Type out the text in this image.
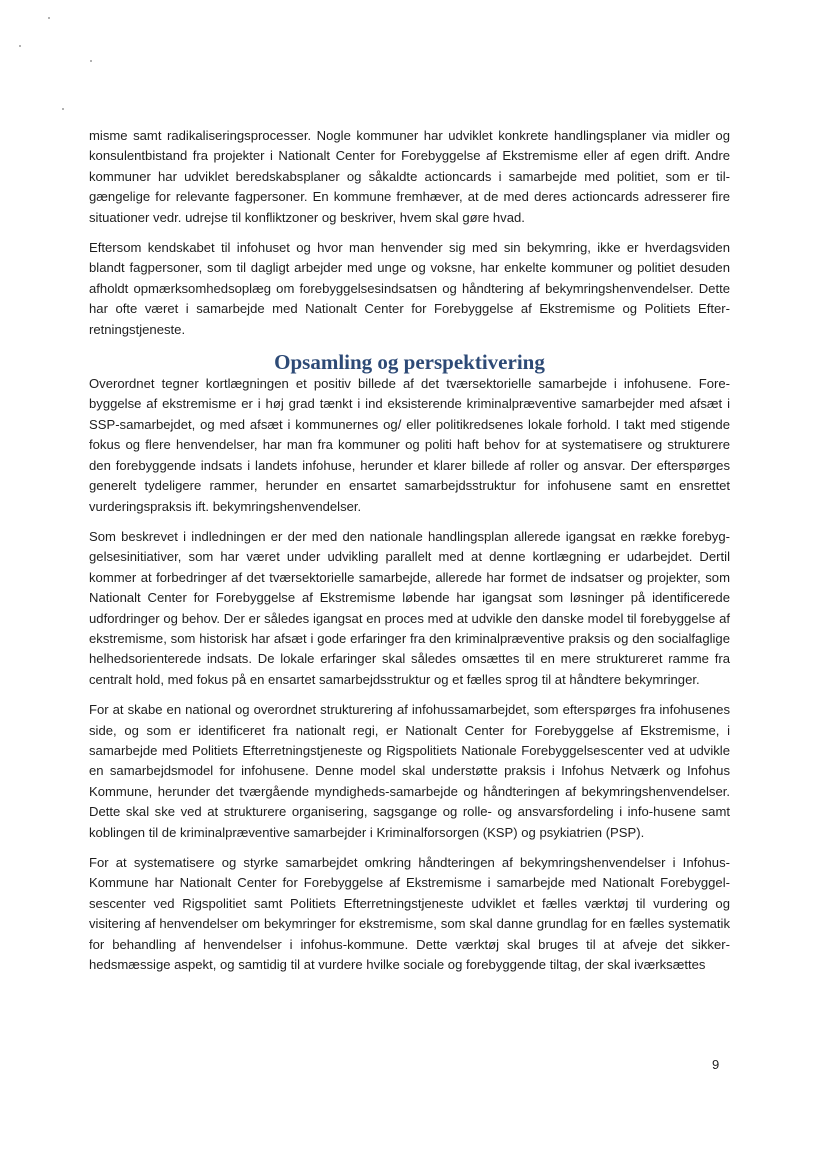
misme samt radikaliseringsprocesser. Nogle kommuner har udviklet konkrete handlingsplaner via midler og konsulentbistand fra projekter i Nationalt Center for Forebyggelse af Ekstremisme eller af egen drift. Andre kommuner har udviklet beredskabsplaner og såkaldte actioncards i samarbejde med politiet, som er tilgængelige for relevante fagpersoner. En kommune fremhæver, at de med deres actioncards adresserer fire situationer vedr. udrejse til konfliktzoner og beskriver, hvem skal gøre hvad.

Eftersom kendskabet til infohuset og hvor man henvender sig med sin bekymring, ikke er hverdagsviden blandt fagpersoner, som til dagligt arbejder med unge og voksne, har enkelte kommuner og politiet desuden afholdt opmærksomhedsoplæg om forebyggelsesindsatsen og håndtering af bekymringshenvendelser. Dette har ofte været i samarbejde med Nationalt Center for Forebyggelse af Ekstremisme og Politiets Efterretningstjeneste.

Opsamling og perspektivering

Overordnet tegner kortlægningen et positiv billede af det tværsektorielle samarbejde i infohusene. Forebyggelse af ekstremisme er i høj grad tænkt i ind eksisterende kriminalpræventive samarbejder med afsæt i SSP-samarbejdet, og med afsæt i kommunernes og/ eller politikredsenes lokale forhold. I takt med stigende fokus og flere henvendelser, har man fra kommuner og politi haft behov for at systematisere og strukturere den forebyggende indsats i landets infohuse, herunder et klarer billede af roller og ansvar. Der efterspørges generelt tydeligere rammer, herunder en ensartet samarbejdsstruktur for infohusene samt en ensrettet vurderingspraksis ift. bekymringshenvendelser.

Som beskrevet i indledningen er der med den nationale handlingsplan allerede igangsat en række forebyggelsesinitiativer, som har været under udvikling parallelt med at denne kortlægning er udarbejdet. Dertil kommer at forbedringer af det tværsektorielle samarbejde, allerede har formet de indsatser og projekter, som Nationalt Center for Forebyggelse af Ekstremisme løbende har igangsat som løsninger på identificerede udfordringer og behov. Der er således igangsat en proces med at udvikle den danske model til forebyggelse af ekstremisme, som historisk har afsæt i gode erfaringer fra den kriminalpræventive praksis og den socialfaglige helhedsorienterede indsats. De lokale erfaringer skal således omsættes til en mere struktureret ramme fra centralt hold, med fokus på en ensartet samarbejdsstruktur og et fælles sprog til at håndtere bekymringer.

For at skabe en national og overordnet strukturering af infohussamarbejdet, som efterspørges fra infohusenes side, og som er identificeret fra nationalt regi, er Nationalt Center for Forebyggelse af Ekstremisme, i samarbejde med Politiets Efterretningstjeneste og Rigspolitiets Nationale Forebyggelsescenter ved at udvikle en samarbejdsmodel for infohusene. Denne model skal understøtte praksis i Infohus Netværk og Infohus Kommune, herunder det tværgående myndigheds-samarbejde og håndteringen af bekymringshenvendelser. Dette skal ske ved at strukturere organisering, sagsgange og rolle- og ansvarsfordeling i info-husene samt koblingen til de kriminalpræventive samarbejder i Kriminalforsorgen (KSP) og psykiatrien (PSP).

For at systematisere og styrke samarbejdet omkring håndteringen af bekymringshenvendelser i Infohus-Kommune har Nationalt Center for Forebyggelse af Ekstremisme i samarbejde med Nationalt Forebyggelsescenter ved Rigspolitiet samt Politiets Efterretningstjeneste udviklet et fælles værktøj til vurdering og visitering af henvendelser om bekymringer for ekstremisme, som skal danne grundlag for en fælles systematik for behandling af henvendelser i infohus-kommune. Dette værktøj skal bruges til at afveje det sikkerhedsmæssige aspekt, og samtidig til at vurdere hvilke sociale og forebyggende tiltag, der skal iværksættes

9
